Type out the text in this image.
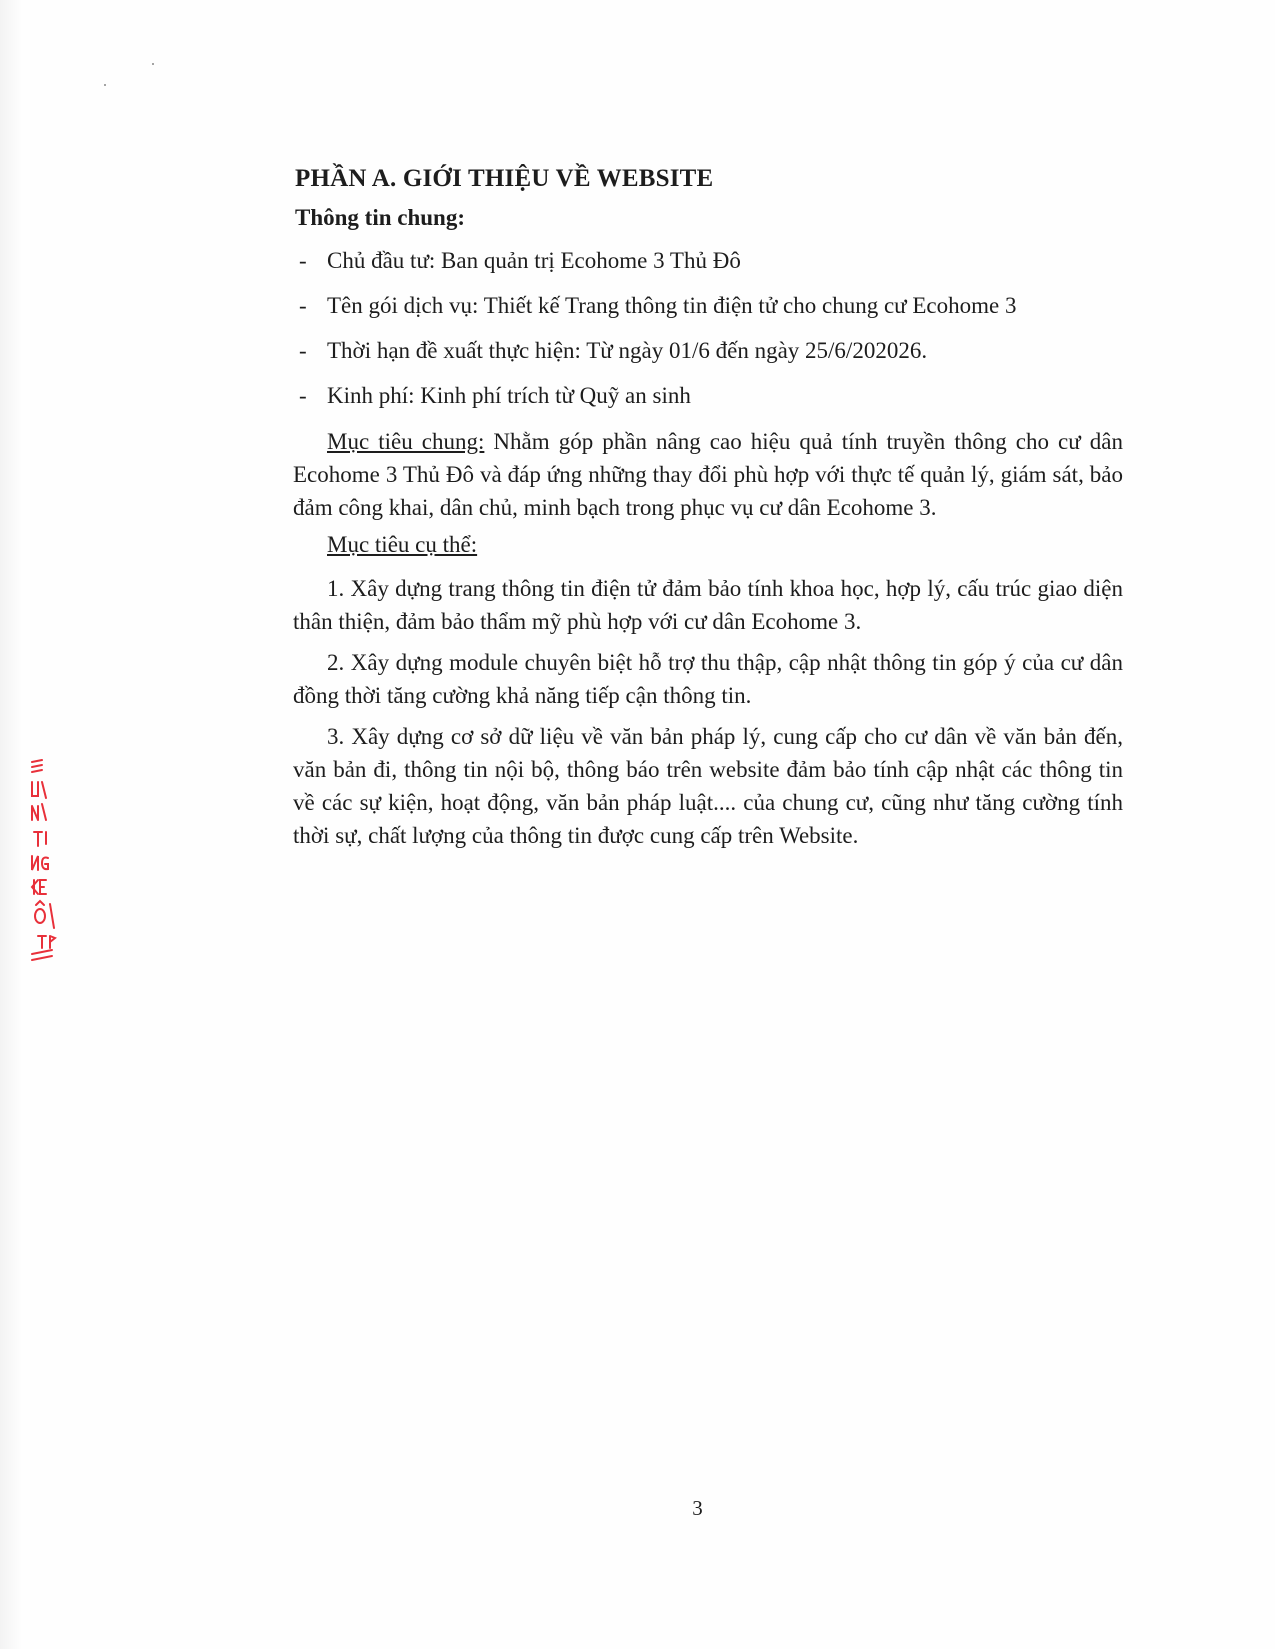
PHẦN A. GIỚI THIỆU VỀ WEBSITE
Thông tin chung:
- Chủ đầu tư: Ban quản trị Ecohome 3 Thủ Đô
- Tên gói dịch vụ: Thiết kế Trang thông tin điện tử cho chung cư Ecohome 3
- Thời hạn đề xuất thực hiện: Từ ngày 01/6 đến ngày 25/6/202026.
- Kinh phí: Kinh phí trích từ Quỹ an sinh

Mục tiêu chung: Nhằm góp phần nâng cao hiệu quả tính truyền thông cho cư dân Ecohome 3 Thủ Đô và đáp ứng những thay đổi phù hợp với thực tế quản lý, giám sát, bảo đảm công khai, dân chủ, minh bạch trong phục vụ cư dân Ecohome 3.

Mục tiêu cụ thể:

1. Xây dựng trang thông tin điện tử đảm bảo tính khoa học, hợp lý, cấu trúc giao diện thân thiện, đảm bảo thẩm mỹ phù hợp với cư dân Ecohome 3.

2. Xây dựng module chuyên biệt hỗ trợ thu thập, cập nhật thông tin góp ý của cư dân đồng thời tăng cường khả năng tiếp cận thông tin.

3. Xây dựng cơ sở dữ liệu về văn bản pháp lý, cung cấp cho cư dân về văn bản đến, văn bản đi, thông tin nội bộ, thông báo trên website đảm bảo tính cập nhật các thông tin về các sự kiện, hoạt động, văn bản pháp luật.... của chung cư, cũng như tăng cường tính thời sự, chất lượng của thông tin được cung cấp trên Website.

3
